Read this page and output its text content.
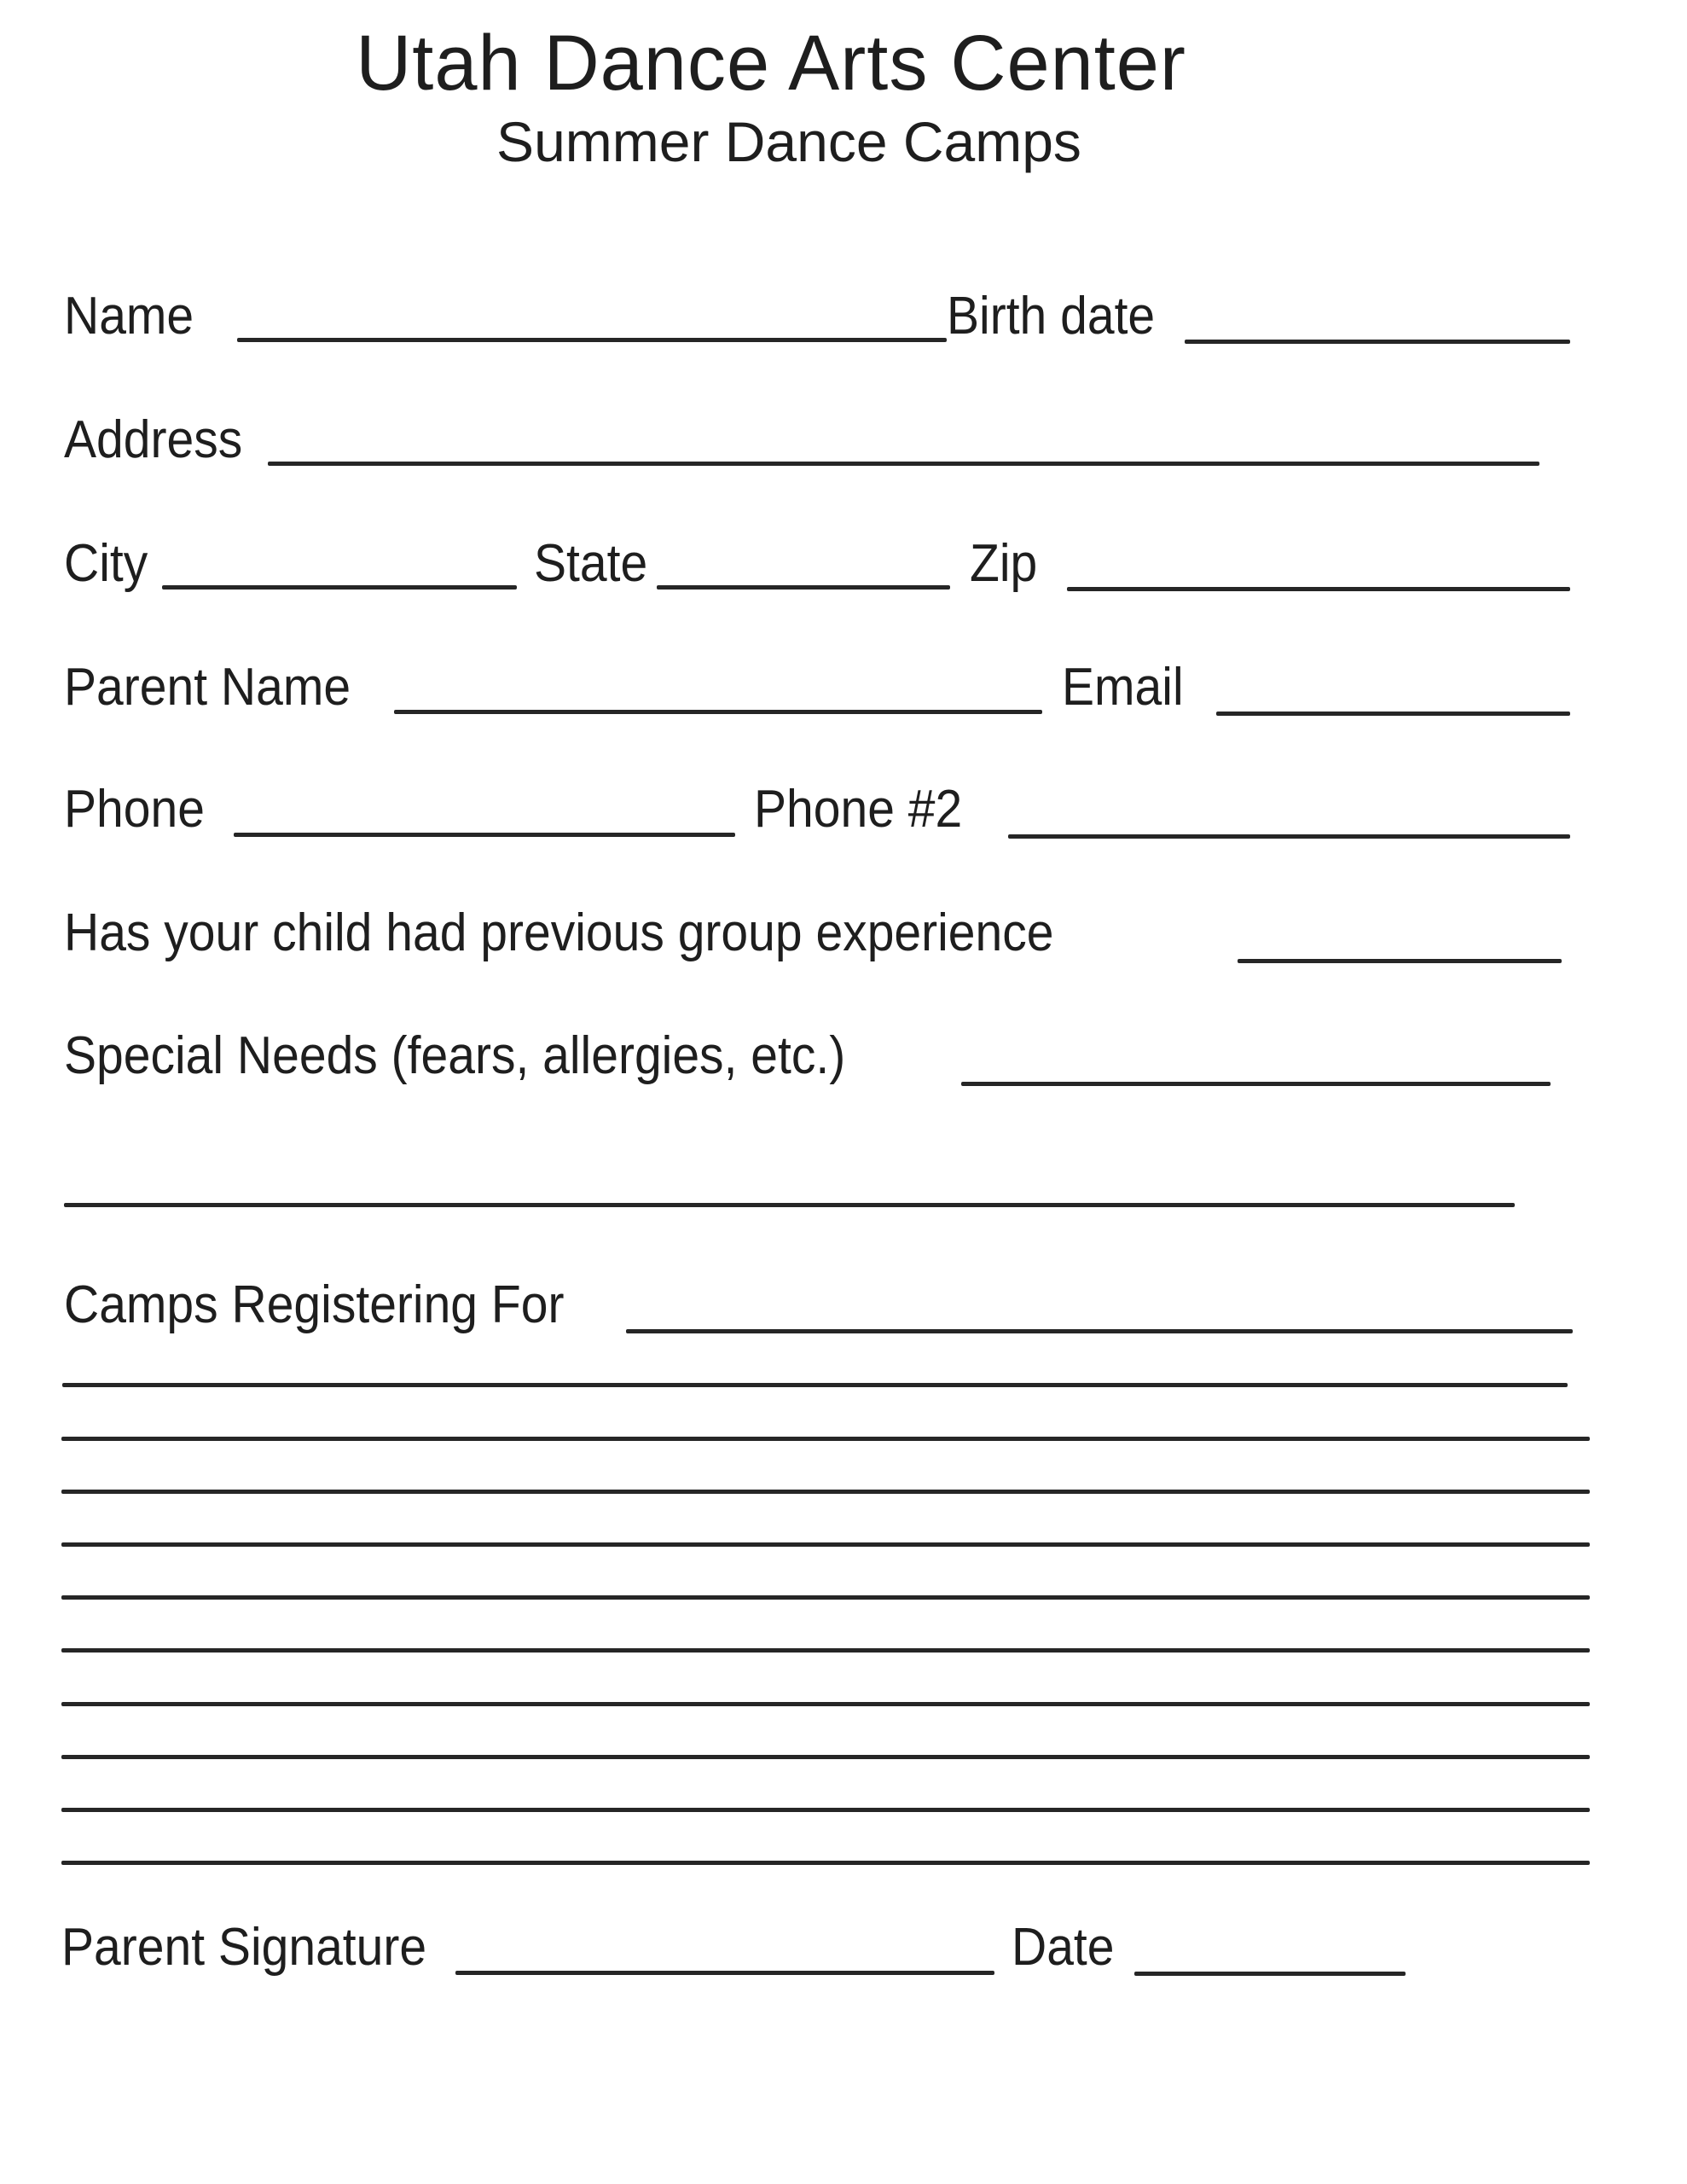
Utah Dance Arts Center
Summer Dance Camps
Name	Birth date
Address
City	State	Zip
Parent Name	Email
Phone	Phone #2
Has your child had previous group experience
Special Needs (fears, allergies, etc.)
Camps Registering For
Parent Signature	Date
